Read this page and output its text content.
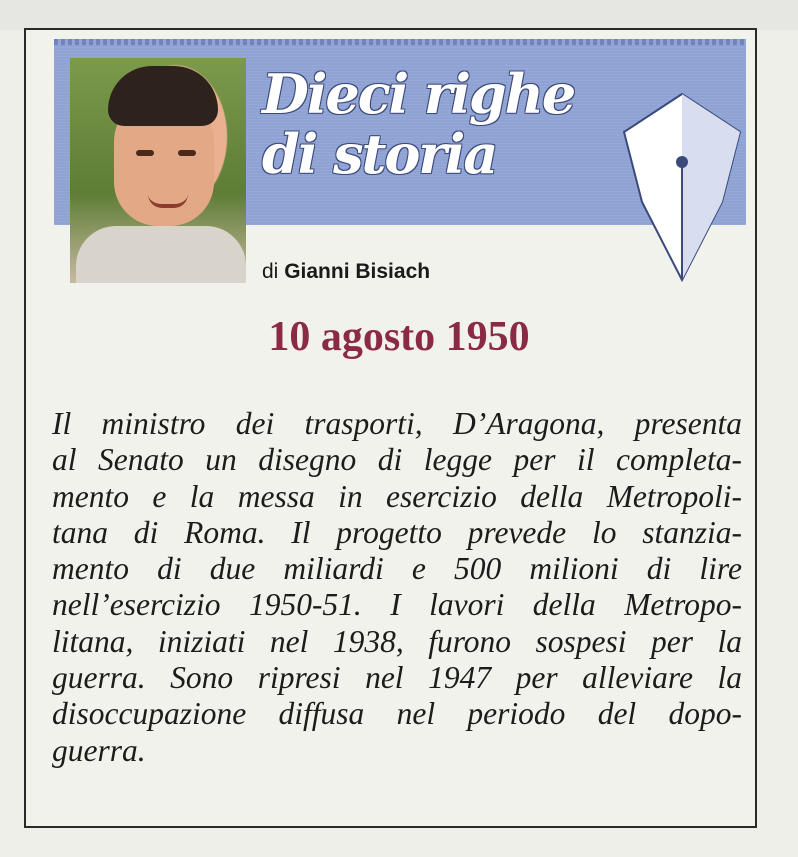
Dieci righe
di storia

di Gianni Bisiach

10 agosto 1950
Il ministro dei trasporti, D’Aragona, presenta
al Senato un disegno di legge per il completa-
mento e la messa in esercizio della Metropoli-
tana di Roma. Il progetto prevede lo stanzia-
mento di due miliardi e 500 milioni di lire
nell’esercizio 1950-51. I lavori della Metropo-
litana, iniziati nel 1938, furono sospesi per la
guerra. Sono ripresi nel 1947 per alleviare la
disoccupazione diffusa nel periodo del dopo-
guerra.
